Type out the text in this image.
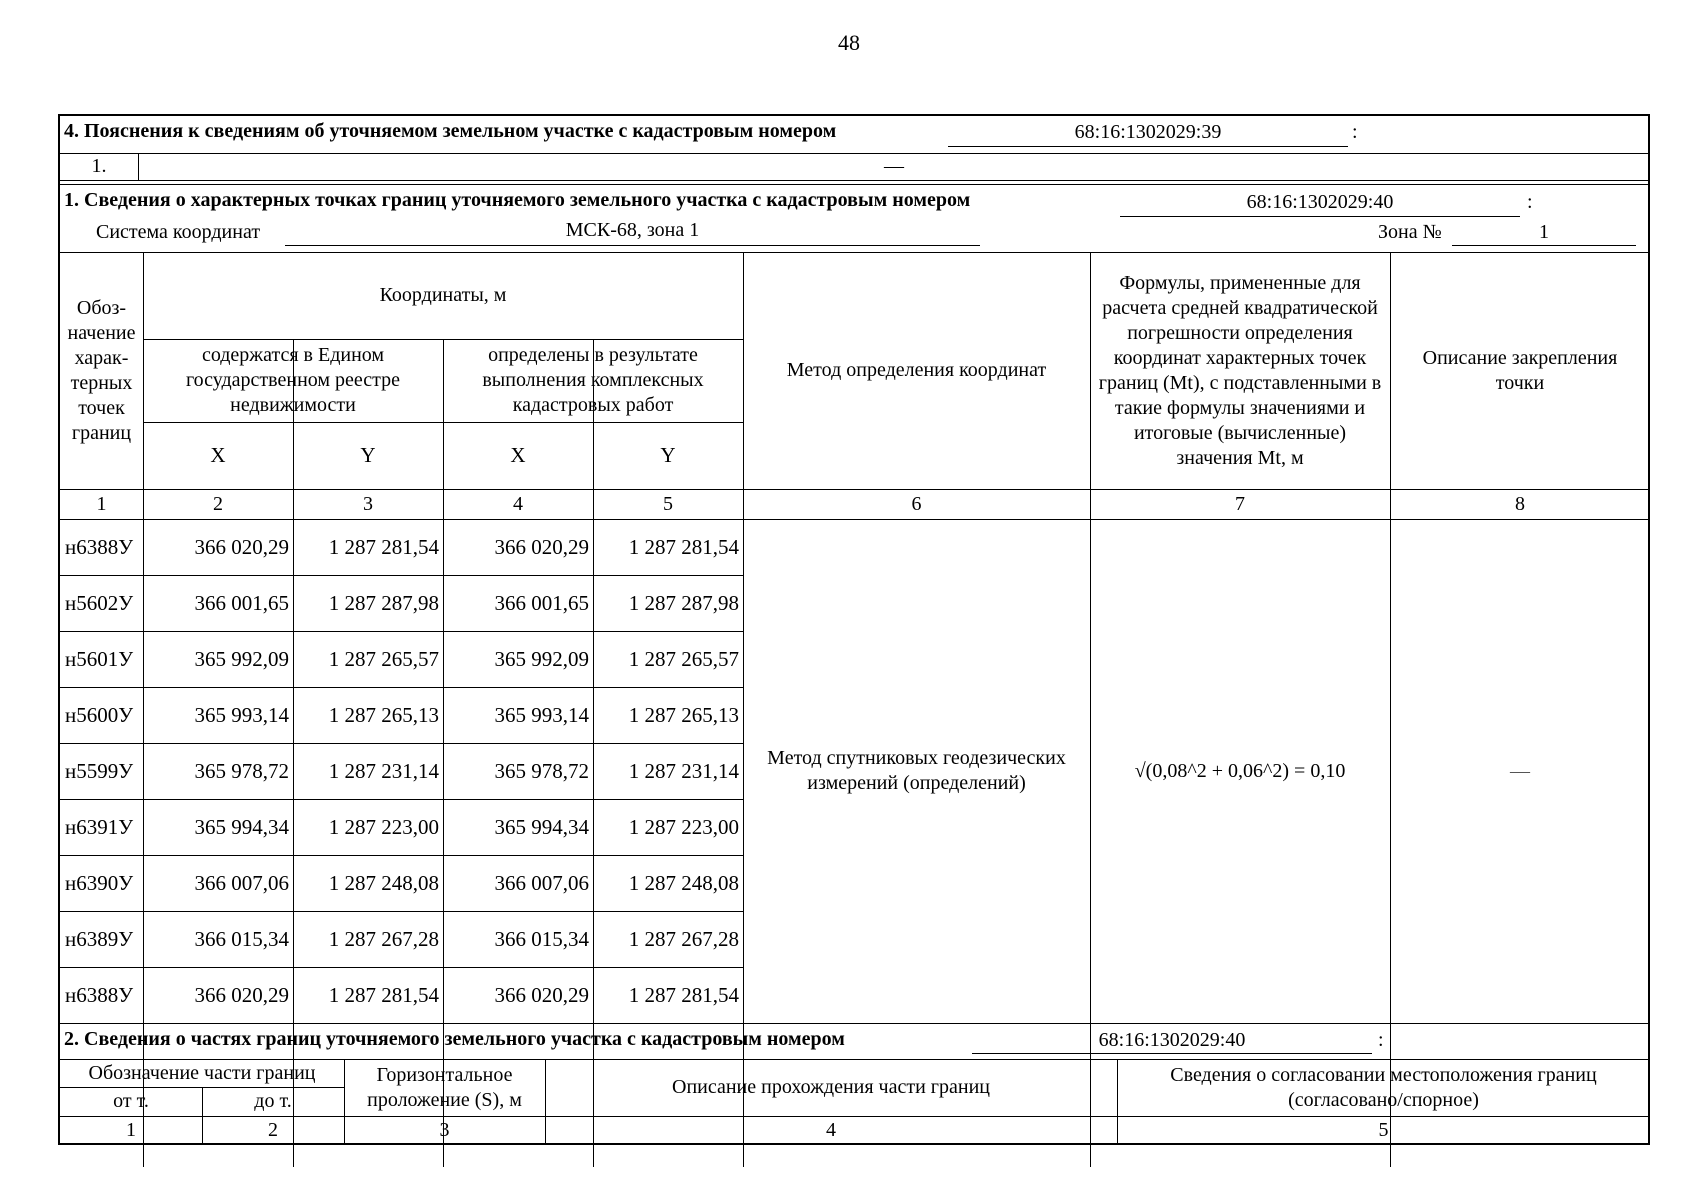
48
4. Пояснения к сведениям об уточняемом земельном участке с кадастровым номером	68:16:1302029:39	:
1.	—
1. Сведения о характерных точках границ уточняемого земельного участка с кадастровым номером	68:16:1302029:40	:
Система координат	МСК-68, зона 1	Зона №	1
Обоз-
начение
харак-
терных
точек
границ
Координаты, м
содержатся в Едином государственном реестре недвижимости
определены в результате выполнения комплексных кадастровых работ
X	Y	X	Y
Метод определения координат
Формулы, примененные для расчета средней квадратической погрешности определения координат характерных точек границ (Mt), с подставленными в такие формулы значениями и итоговые (вычисленные) значения Mt, м
Описание закрепления точки
1	2	3	4	5	6	7	8
н6388У	366 020,29	1 287 281,54	366 020,29	1 287 281,54
н5602У	366 001,65	1 287 287,98	366 001,65	1 287 287,98
н5601У	365 992,09	1 287 265,57	365 992,09	1 287 265,57
н5600У	365 993,14	1 287 265,13	365 993,14	1 287 265,13
н5599У	365 978,72	1 287 231,14	365 978,72	1 287 231,14
н6391У	365 994,34	1 287 223,00	365 994,34	1 287 223,00
н6390У	366 007,06	1 287 248,08	366 007,06	1 287 248,08
н6389У	366 015,34	1 287 267,28	366 015,34	1 287 267,28
н6388У	366 020,29	1 287 281,54	366 020,29	1 287 281,54
Метод спутниковых геодезических измерений (определений)
√(0,08^2 + 0,06^2) = 0,10	—
2. Сведения о частях границ уточняемого земельного участка с кадастровым номером	68:16:1302029:40	:
Обозначение части границ
от т.	до т.
Горизонтальное проложение (S), м
Описание прохождения части границ
Сведения о согласовании местоположения границ (согласовано/спорное)
1	2	3	4	5
